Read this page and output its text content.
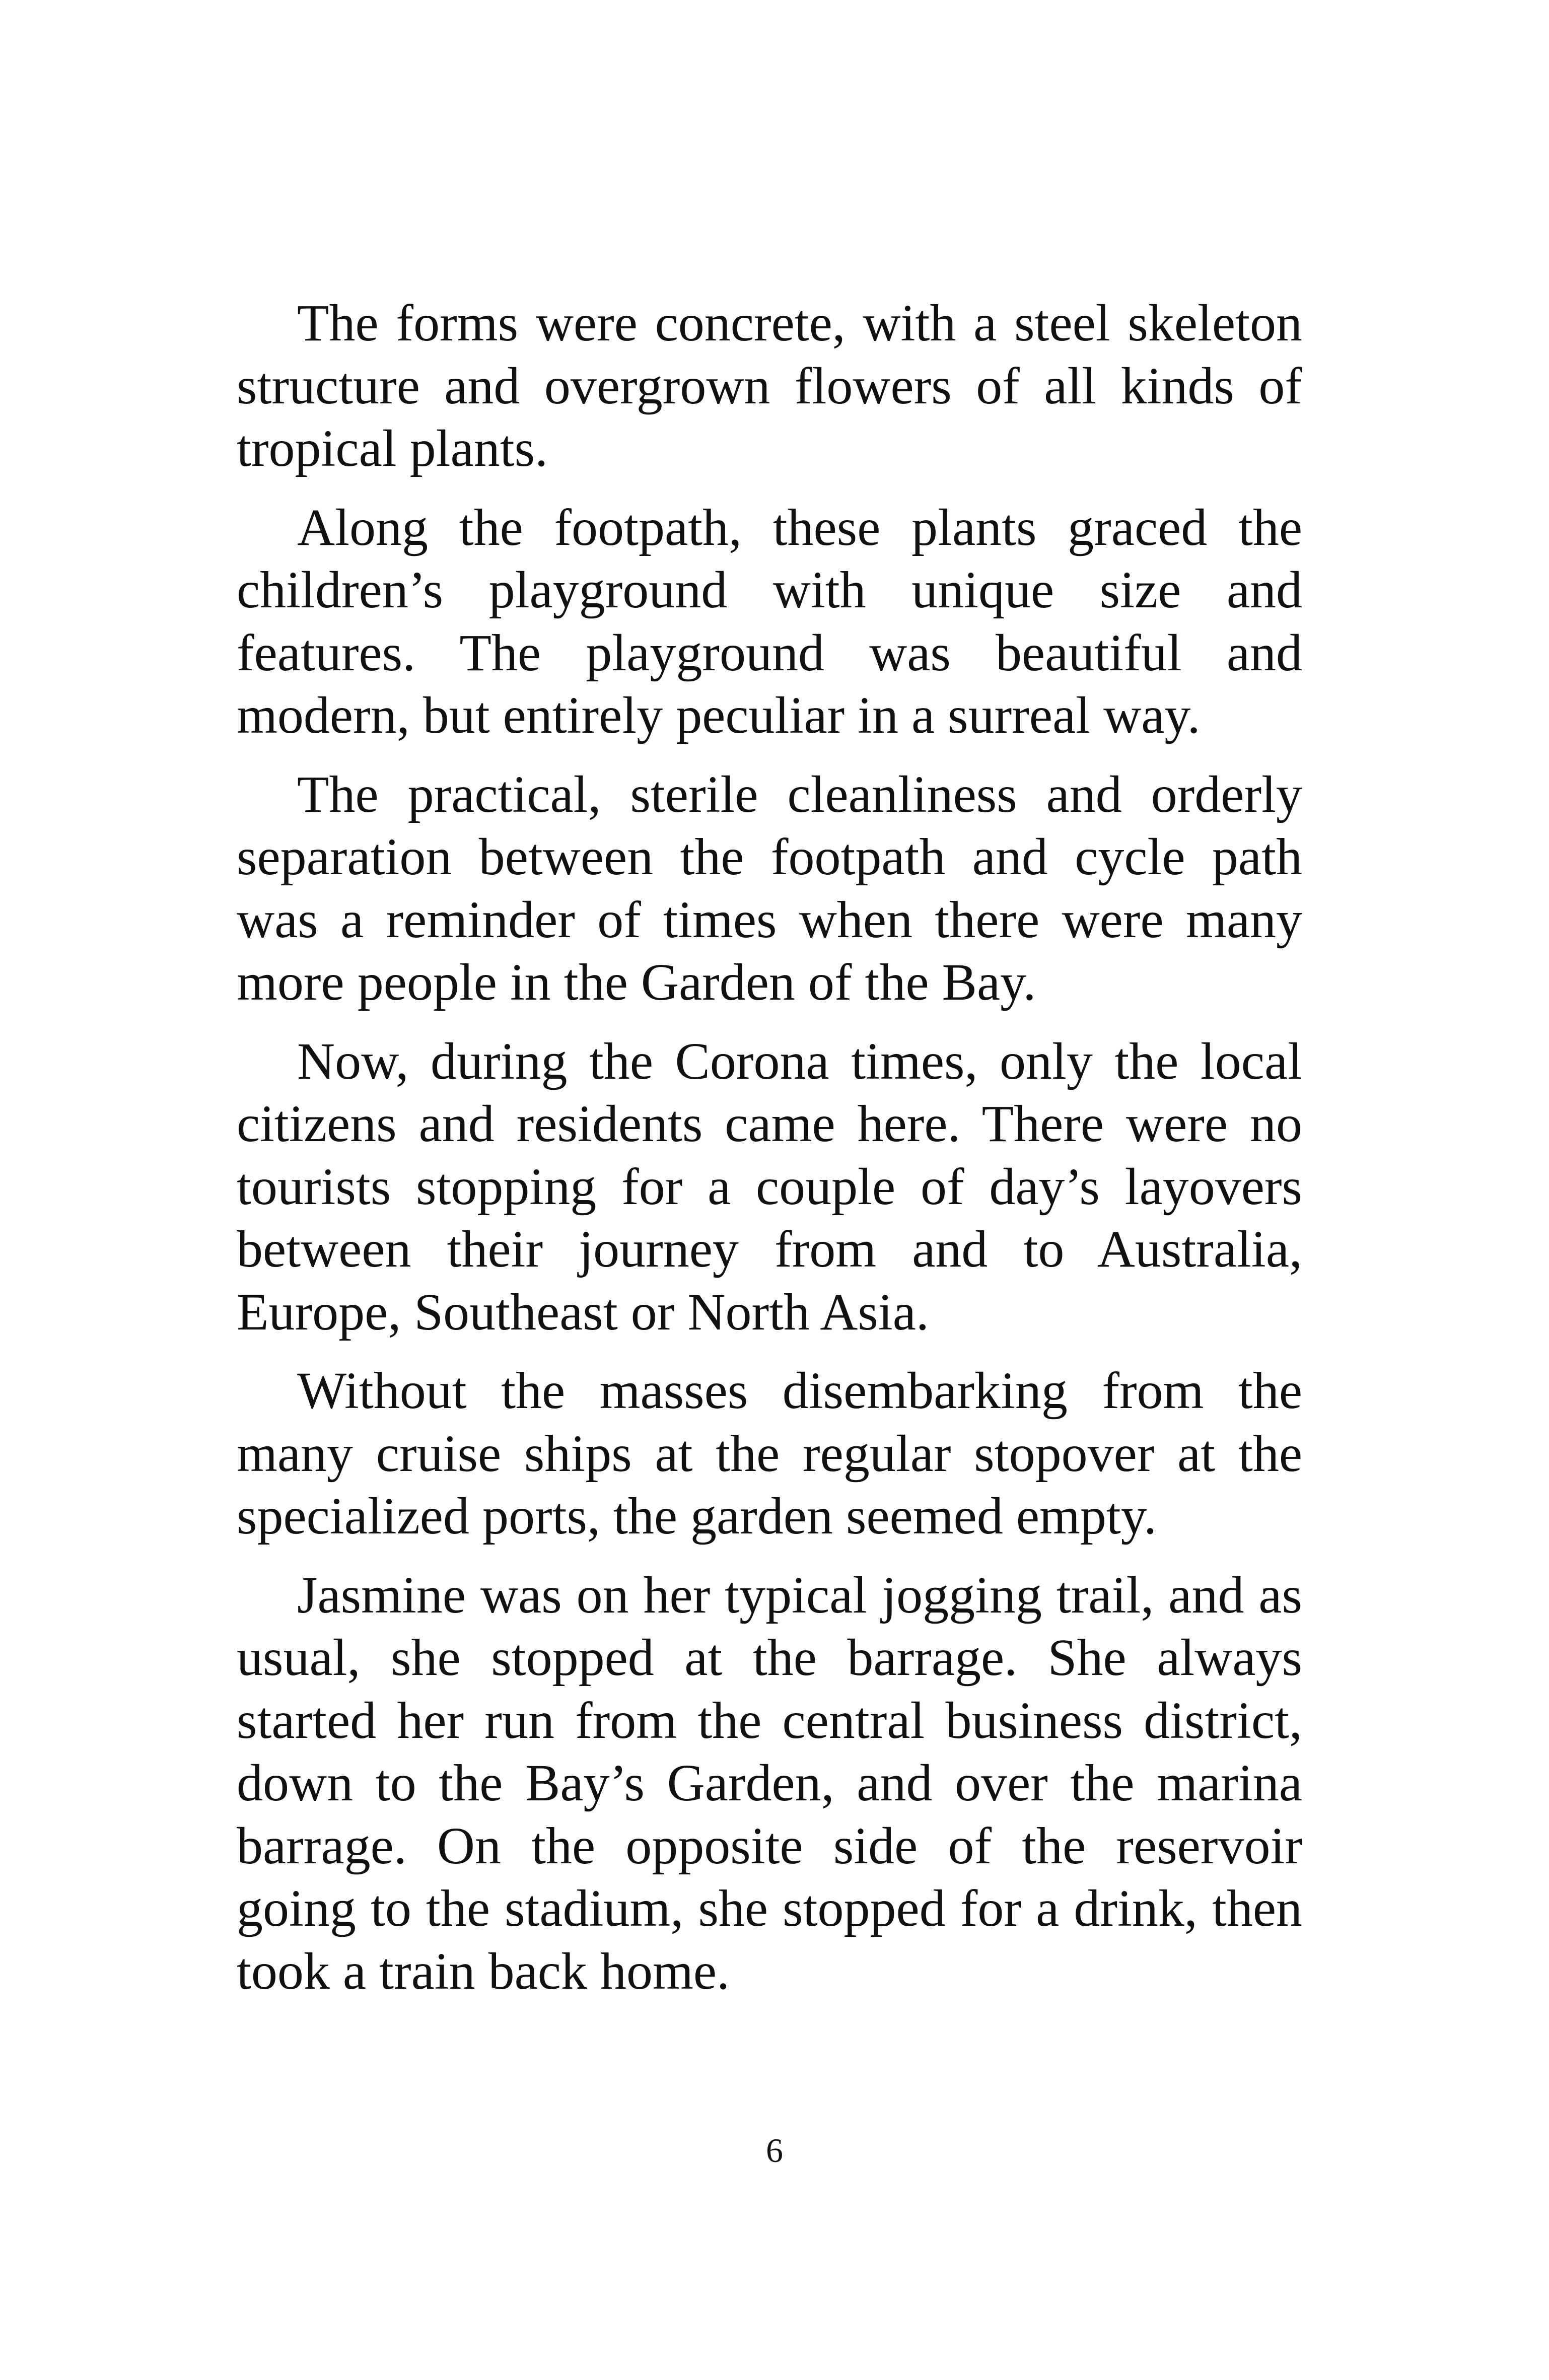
The forms were concrete, with a steel skeleton structure and overgrown flowers of all kinds of tropical plants.

Along the footpath, these plants graced the children’s playground with unique size and features. The playground was beautiful and modern, but entirely peculiar in a surreal way.

The practical, sterile cleanliness and orderly separation between the footpath and cycle path was a reminder of times when there were many more people in the Garden of the Bay.

Now, during the Corona times, only the local citizens and residents came here. There were no tourists stopping for a couple of day’s layovers between their journey from and to Australia, Europe, Southeast or North Asia.

Without the masses disembarking from the many cruise ships at the regular stopover at the specialized ports, the garden seemed empty.

Jasmine was on her typical jogging trail, and as usual, she stopped at the barrage. She always started her run from the central business district, down to the Bay’s Garden, and over the marina barrage. On the opposite side of the reservoir going to the stadium, she stopped for a drink, then took a train back home.

6
